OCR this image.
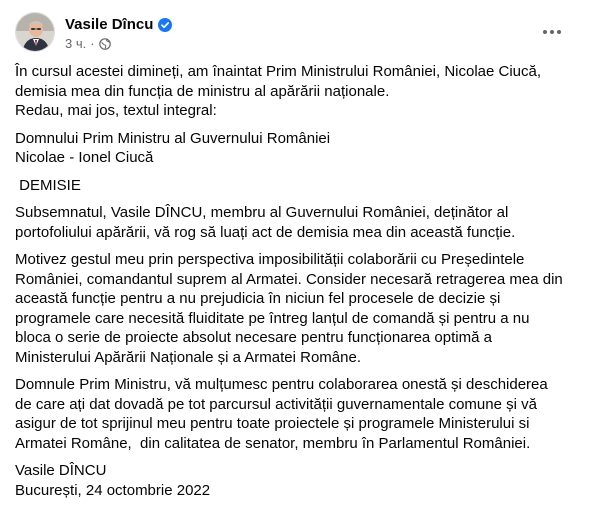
Vasile Dîncu
3 ч. ·

În cursul acestei dimineți, am înaintat Prim Ministrului României, Nicolae Ciucă,
demisia mea din funcția de ministru al apărării naționale.
Redau, mai jos, textul integral:

Domnului Prim Ministru al Guvernului României
Nicolae - Ionel Ciucă

DEMISIE

Subsemnatul, Vasile DÎNCU, membru al Guvernului României, deținător al
portofoliului apărării, vă rog să luați act de demisia mea din această funcție.

Motivez gestul meu prin perspectiva imposibilității colaborării cu Președintele
României, comandantul suprem al Armatei. Consider necesară retragerea mea din
această funcție pentru a nu prejudicia în niciun fel procesele de decizie și
programele care necesită fluiditate pe întreg lanțul de comandă și pentru a nu
bloca o serie de proiecte absolut necesare pentru funcționarea optimă a
Ministerului Apărării Naționale și a Armatei Române.

Domnule Prim Ministru, vă mulțumesc pentru colaborarea onestă și deschiderea
de care ați dat dovadă pe tot parcursul activității guvernamentale comune și vă
asigur de tot sprijinul meu pentru toate proiectele și programele Ministerului si
Armatei Române,  din calitatea de senator, membru în Parlamentul României.

Vasile DÎNCU
București, 24 octombrie 2022
